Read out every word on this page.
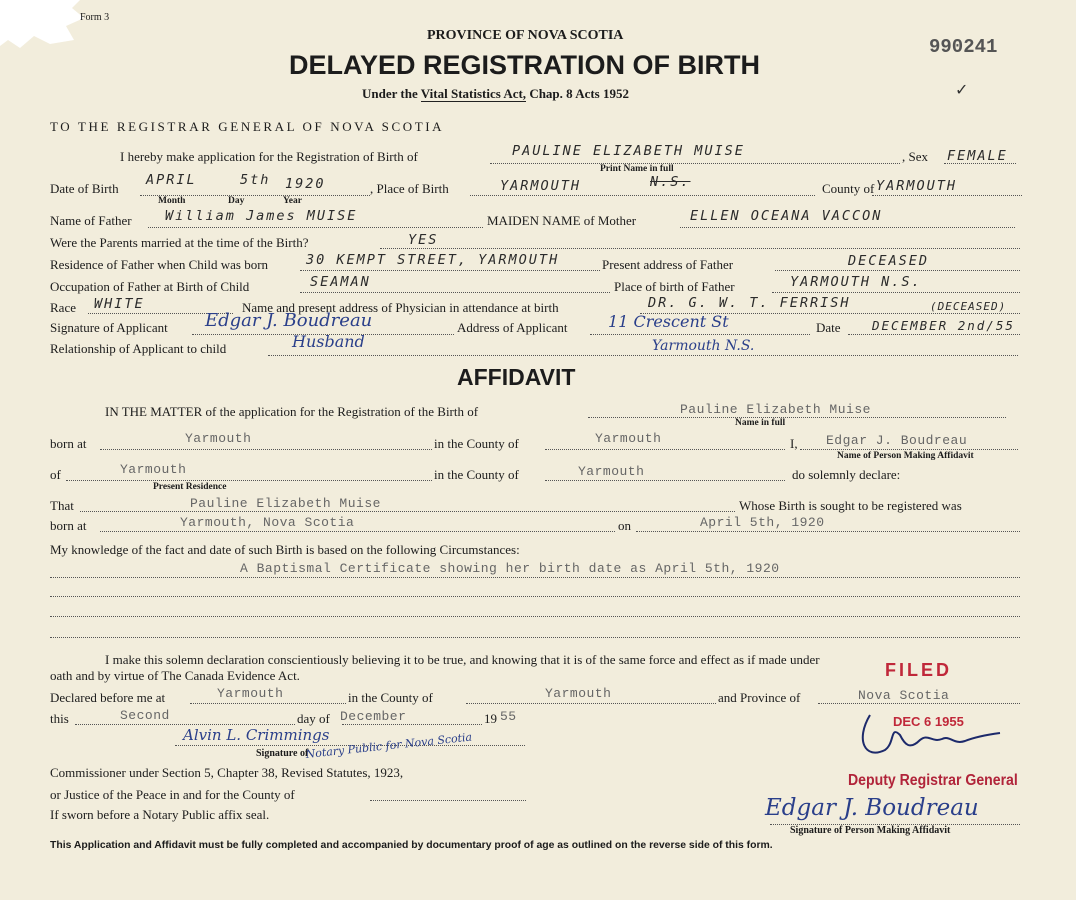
Form 3
990241
PROVINCE OF NOVA SCOTIA
DELAYED REGISTRATION OF BIRTH
Under the Vital Statistics Act, Chap. 8 Acts 1952	✓
TO THE REGISTRAR GENERAL OF NOVA SCOTIA
I hereby make application for the Registration of Birth of	PAULINE ELIZABETH MUISE
Print Name in full
, Sex FEMALE
Date of Birth
APRIL	5th 1920
Month	Day	Year
, Place of Birth	YARMOUTH	N.S.	County of YARMOUTH
Name of Father William James MUISE	MAIDEN NAME of Mother	ELLEN OCEANA VACCON
Were the Parents married at the time of the Birth?	YES
Residence of Father when Child was born	30 KEMPT STREET, YARMOUTH	Present address of Father	DECEASED
Occupation of Father at Birth of Child	SEAMAN	Place of birth of Father	YARMOUTH N.S.
Race WHITE	Name and present address of Physician in attendance at birth	DR. G. W. T. FERRISH	(DECEASED)
Signature of Applicant Edgar J. Boudreau	Address of Applicant	11 Crescent St	Date	DECEMBER 2nd/55
Relationship of Applicant to child	Husband	Yarmouth N.S.
AFFIDAVIT
IN THE MATTER of the application for the Registration of the Birth of	Pauline Elizabeth Muise
Name in full
born at	Yarmouth	in the County of	Yarmouth	I, Edgar J. Boudreau
Name of Person Making Affidavit
of	Yarmouth
Present Residence
in the County of	Yarmouth	do solemnly declare:
That	Pauline Elizabeth Muise	Whose Birth is sought to be registered was
born at	Yarmouth, Nova Scotia	on	April 5th, 1920
My knowledge of the fact and date of such Birth is based on the following Circumstances:
A Baptismal Certificate showing her birth date as April 5th, 1920
I make this solemn declaration conscientiously believing it to be true, and knowing that it is of the same force and effect as if made under
oath and by virtue of The Canada Evidence Act.
Declared before me at	Yarmouth	in the County of	Yarmouth	and Province of	Nova Scotia
this	Second	day of December	19 55
Alvin L. Crimmings
Signature of
Notary Public for Nova Scotia
Commissioner under Section 5, Chapter 38, Revised Statutes, 1923,
or Justice of the Peace in and for the County of
If sworn before a Notary Public affix seal.
FILED
DEC 6 1955
Deputy Registrar General
Edgar J. Boudreau
Signature of Person Making Affidavit
This Application and Affidavit must be fully completed and accompanied by documentary proof of age as outlined on the reverse side of this form.
